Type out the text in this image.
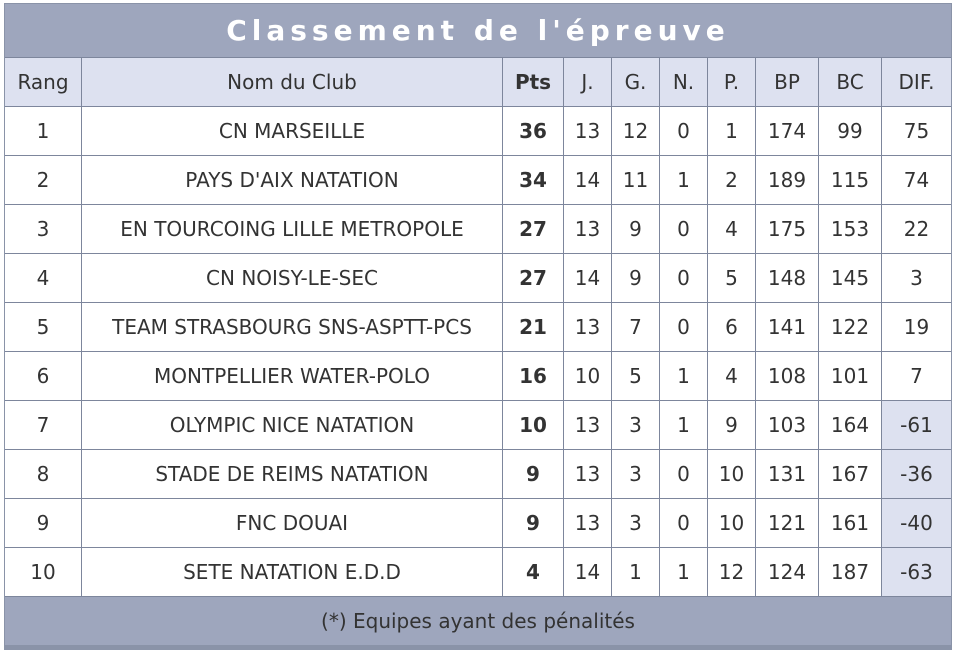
Classement de l'épreuve
Rang	Nom du Club	Pts	J.	G.	N.	P.	BP	BC	DIF.
1	CN MARSEILLE	36	13	12	0	1	174	99	75
2	PAYS D'AIX NATATION	34	14	11	1	2	189	115	74
3	EN TOURCOING LILLE METROPOLE	27	13	9	0	4	175	153	22
4	CN NOISY-LE-SEC	27	14	9	0	5	148	145	3
5	TEAM STRASBOURG SNS-ASPTT-PCS	21	13	7	0	6	141	122	19
6	MONTPELLIER WATER-POLO	16	10	5	1	4	108	101	7
7	OLYMPIC NICE NATATION	10	13	3	1	9	103	164	-61
8	STADE DE REIMS NATATION	9	13	3	0	10	131	167	-36
9	FNC DOUAI	9	13	3	0	10	121	161	-40
10	SETE NATATION E.D.D	4	14	1	1	12	124	187	-63
(*) Equipes ayant des pénalités
